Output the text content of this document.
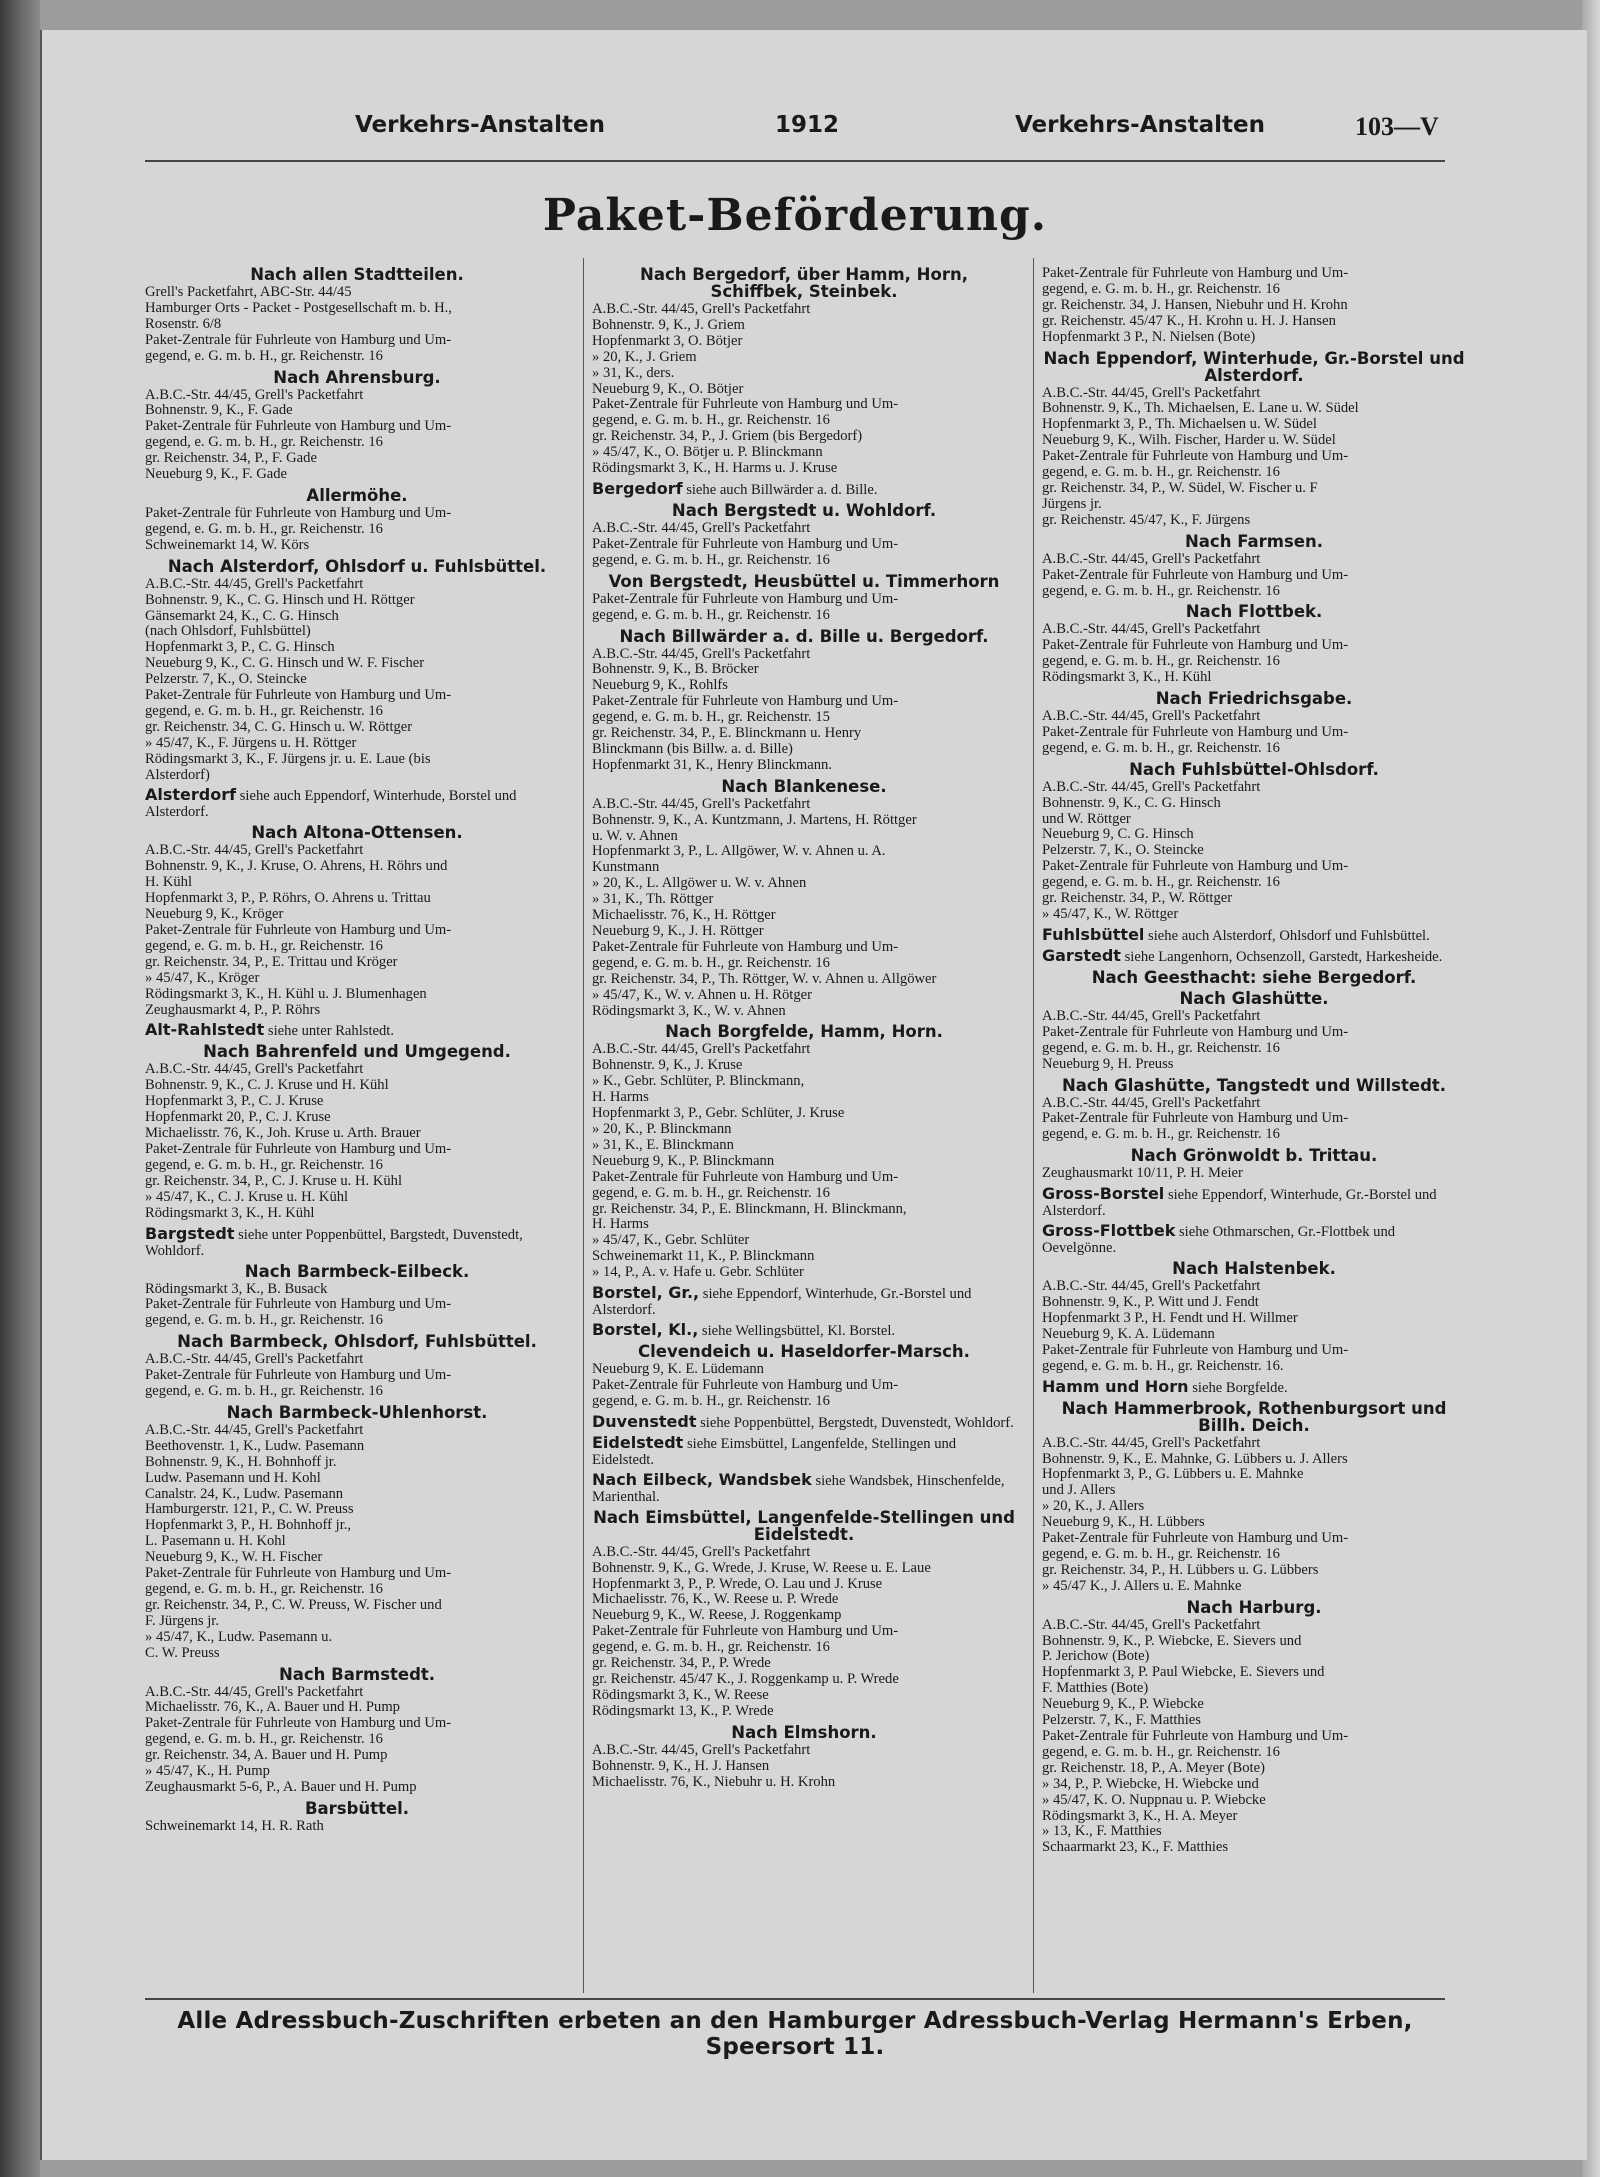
Verkehrs-Anstalten	1912	Verkehrs-Anstalten	103—V
Paket-Beförderung.
Nach allen Stadtteilen.
Grell's Packetfahrt, ABC-Str. 44/45
Hamburger Orts - Packet - Postgesellschaft m. b. H.,
Rosenstr. 6/8
Paket-Zentrale für Fuhrleute von Hamburg und Um-
gegend, e. G. m. b. H., gr. Reichenstr. 16
Nach Ahrensburg.
A.B.C.-Str. 44/45, Grell's Packetfahrt
Bohnenstr. 9, K., F. Gade
Paket-Zentrale für Fuhrleute von Hamburg und Um-
gegend, e. G. m. b. H., gr. Reichenstr. 16
gr. Reichenstr. 34, P., F. Gade
Neueburg 9, K., F. Gade
Allermöhe.
Paket-Zentrale für Fuhrleute von Hamburg und Um-
gegend, e. G. m. b. H., gr. Reichenstr. 16
Schweinemarkt 14, W. Körs
Nach Alsterdorf, Ohlsdorf u. Fuhlsbüttel.
A.B.C.-Str. 44/45, Grell's Packetfahrt
Bohnenstr. 9, K., C. G. Hinsch und H. Röttger
Gänsemarkt 24, K., C. G. Hinsch
(nach Ohlsdorf, Fuhlsbüttel)
Hopfenmarkt 3, P., C. G. Hinsch
Neueburg 9, K., C. G. Hinsch und W. F. Fischer
Pelzerstr. 7, K., O. Steincke
Paket-Zentrale für Fuhrleute von Hamburg und Um-
gegend, e. G. m. b. H., gr. Reichenstr. 16
gr. Reichenstr. 34, C. G. Hinsch u. W. Röttger
» 45/47, K., F. Jürgens u. H. Röttger
Rödingsmarkt 3, K., F. Jürgens jr. u. E. Laue (bis
Alsterdorf)
Alsterdorf siehe auch Eppendorf, Winterhude, Borstel und Alsterdorf.
Nach Altona-Ottensen.
A.B.C.-Str. 44/45, Grell's Packetfahrt
Bohnenstr. 9, K., J. Kruse, O. Ahrens, H. Röhrs und
H. Kühl
Hopfenmarkt 3, P., P. Röhrs, O. Ahrens u. Trittau
Neueburg 9, K., Kröger
Paket-Zentrale für Fuhrleute von Hamburg und Um-
gegend, e. G. m. b. H., gr. Reichenstr. 16
gr. Reichenstr. 34, P., E. Trittau und Kröger
» 45/47, K., Kröger
Rödingsmarkt 3, K., H. Kühl u. J. Blumenhagen
Zeughausmarkt 4, P., P. Röhrs
Alt-Rahlstedt siehe unter Rahlstedt.
Nach Bahrenfeld und Umgegend.
A.B.C.-Str. 44/45, Grell's Packetfahrt
Bohnenstr. 9, K., C. J. Kruse und H. Kühl
Hopfenmarkt 3, P., C. J. Kruse
Hopfenmarkt 20, P., C. J. Kruse
Michaelisstr. 76, K., Joh. Kruse u. Arth. Brauer
Paket-Zentrale für Fuhrleute von Hamburg und Um-
gegend, e. G. m. b. H., gr. Reichenstr. 16
gr. Reichenstr. 34, P., C. J. Kruse u. H. Kühl
» 45/47, K., C. J. Kruse u. H. Kühl
Rödingsmarkt 3, K., H. Kühl
Bargstedt siehe unter Poppenbüttel, Bargstedt, Duvenstedt, Wohldorf.
Nach Barmbeck-Eilbeck.
Rödingsmarkt 3, K., B. Busack
Paket-Zentrale für Fuhrleute von Hamburg und Um-
gegend, e. G. m. b. H., gr. Reichenstr. 16
Nach Barmbeck, Ohlsdorf, Fuhlsbüttel.
A.B.C.-Str. 44/45, Grell's Packetfahrt
Paket-Zentrale für Fuhrleute von Hamburg und Um-
gegend, e. G. m. b. H., gr. Reichenstr. 16
Nach Barmbeck-Uhlenhorst.
A.B.C.-Str. 44/45, Grell's Packetfahrt
Beethovenstr. 1, K., Ludw. Pasemann
Bohnenstr. 9, K., H. Bohnhoff jr.
Ludw. Pasemann und H. Kohl
Canalstr. 24, K., Ludw. Pasemann
Hamburgerstr. 121, P., C. W. Preuss
Hopfenmarkt 3, P., H. Bohnhoff jr.,
L. Pasemann u. H. Kohl
Neueburg 9, K., W. H. Fischer
Paket-Zentrale für Fuhrleute von Hamburg und Um-
gegend, e. G. m. b. H., gr. Reichenstr. 16
gr. Reichenstr. 34, P., C. W. Preuss, W. Fischer und
F. Jürgens jr.
» 45/47, K., Ludw. Pasemann u.
C. W. Preuss
Nach Barmstedt.
A.B.C.-Str. 44/45, Grell's Packetfahrt
Michaelisstr. 76, K., A. Bauer und H. Pump
Paket-Zentrale für Fuhrleute von Hamburg und Um-
gegend, e. G. m. b. H., gr. Reichenstr. 16
gr. Reichenstr. 34, A. Bauer und H. Pump
» 45/47, K., H. Pump
Zeughausmarkt 5-6, P., A. Bauer und H. Pump
Barsbüttel.
Schweinemarkt 14, H. R. Rath
Nach Bergedorf, über Hamm, Horn, Schiffbek, Steinbek.
A.B.C.-Str. 44/45, Grell's Packetfahrt
Bohnenstr. 9, K., J. Griem
Hopfenmarkt 3, O. Bötjer
» 20, K., J. Griem
» 31, K., ders.
Neueburg 9, K., O. Bötjer
Paket-Zentrale für Fuhrleute von Hamburg und Um-
gegend, e. G. m. b. H., gr. Reichenstr. 16
gr. Reichenstr. 34, P., J. Griem (bis Bergedorf)
» 45/47, K., O. Bötjer u. P. Blinckmann
Rödingsmarkt 3, K., H. Harms u. J. Kruse
Bergedorf siehe auch Billwärder a. d. Bille.
Nach Bergstedt u. Wohldorf.
A.B.C.-Str. 44/45, Grell's Packetfahrt
Paket-Zentrale für Fuhrleute von Hamburg und Um-
gegend, e. G. m. b. H., gr. Reichenstr. 16
Von Bergstedt, Heusbüttel u. Timmerhorn
Paket-Zentrale für Fuhrleute von Hamburg und Um-
gegend, e. G. m. b. H., gr. Reichenstr. 16
Nach Billwärder a. d. Bille u. Bergedorf.
A.B.C.-Str. 44/45, Grell's Packetfahrt
Bohnenstr. 9, K., B. Bröcker
Neueburg 9, K., Rohlfs
Paket-Zentrale für Fuhrleute von Hamburg und Um-
gegend, e. G. m. b. H., gr. Reichenstr. 15
gr. Reichenstr. 34, P., E. Blinckmann u. Henry
Blinckmann (bis Billw. a. d. Bille)
Hopfenmarkt 31, K., Henry Blinckmann.
Nach Blankenese.
A.B.C.-Str. 44/45, Grell's Packetfahrt
Bohnenstr. 9, K., A. Kuntzmann, J. Martens, H. Röttger
u. W. v. Ahnen
Hopfenmarkt 3, P., L. Allgöwer, W. v. Ahnen u. A.
Kunstmann
» 20, K., L. Allgöwer u. W. v. Ahnen
» 31, K., Th. Röttger
Michaelisstr. 76, K., H. Röttger
Neueburg 9, K., J. H. Röttger
Paket-Zentrale für Fuhrleute von Hamburg und Um-
gegend, e. G. m. b. H., gr. Reichenstr. 16
gr. Reichenstr. 34, P., Th. Röttger, W. v. Ahnen u. Allgöwer
» 45/47, K., W. v. Ahnen u. H. Rötger
Rödingsmarkt 3, K., W. v. Ahnen
Nach Borgfelde, Hamm, Horn.
A.B.C.-Str. 44/45, Grell's Packetfahrt
Bohnenstr. 9, K., J. Kruse
» K., Gebr. Schlüter, P. Blinckmann,
H. Harms
Hopfenmarkt 3, P., Gebr. Schlüter, J. Kruse
» 20, K., P. Blinckmann
» 31, K., E. Blinckmann
Neueburg 9, K., P. Blinckmann
Paket-Zentrale für Fuhrleute von Hamburg und Um-
gegend, e. G. m. b. H., gr. Reichenstr. 16
gr. Reichenstr. 34, P., E. Blinckmann, H. Blinckmann,
H. Harms
» 45/47, K., Gebr. Schlüter
Schweinemarkt 11, K., P. Blinckmann
» 14, P., A. v. Hafe u. Gebr. Schlüter
Borstel, Gr., siehe Eppendorf, Winterhude, Gr.-Borstel und Alsterdorf.
Borstel, Kl., siehe Wellingsbüttel, Kl. Borstel.
Clevendeich u. Haseldorfer-Marsch.
Neueburg 9, K. E. Lüdemann
Paket-Zentrale für Fuhrleute von Hamburg und Um-
gegend, e. G. m. b. H., gr. Reichenstr. 16
Duvenstedt siehe Poppenbüttel, Bergstedt, Duvenstedt, Wohldorf.
Eidelstedt siehe Eimsbüttel, Langenfelde, Stellingen und Eidelstedt.
Nach Eilbeck, Wandsbek siehe Wandsbek, Hinschenfelde, Marienthal.
Nach Eimsbüttel, Langenfelde-Stellingen und Eidelstedt.
A.B.C.-Str. 44/45, Grell's Packetfahrt
Bohnenstr. 9, K., G. Wrede, J. Kruse, W. Reese u. E. Laue
Hopfenmarkt 3, P., P. Wrede, O. Lau und J. Kruse
Michaelisstr. 76, K., W. Reese u. P. Wrede
Neueburg 9, K., W. Reese, J. Roggenkamp
Paket-Zentrale für Fuhrleute von Hamburg und Um-
gegend, e. G. m. b. H., gr. Reichenstr. 16
gr. Reichenstr. 34, P., P. Wrede
gr. Reichenstr. 45/47 K., J. Roggenkamp u. P. Wrede
Rödingsmarkt 3, K., W. Reese
Rödingsmarkt 13, K., P. Wrede
Nach Elmshorn.
A.B.C.-Str. 44/45, Grell's Packetfahrt
Bohnenstr. 9, K., H. J. Hansen
Michaelisstr. 76, K., Niebuhr u. H. Krohn
Paket-Zentrale für Fuhrleute von Hamburg und Um-
gegend, e. G. m. b. H., gr. Reichenstr. 16
gr. Reichenstr. 34, J. Hansen, Niebuhr und H. Krohn
gr. Reichenstr. 45/47 K., H. Krohn u. H. J. Hansen
Hopfenmarkt 3 P., N. Nielsen (Bote)
Nach Eppendorf, Winterhude, Gr.-Borstel und Alsterdorf.
A.B.C.-Str. 44/45, Grell's Packetfahrt
Bohnenstr. 9, K., Th. Michaelsen, E. Lane u. W. Südel
Hopfenmarkt 3, P., Th. Michaelsen u. W. Südel
Neueburg 9, K., Wilh. Fischer, Harder u. W. Südel
Paket-Zentrale für Fuhrleute von Hamburg und Um-
gegend, e. G. m. b. H., gr. Reichenstr. 16
gr. Reichenstr. 34, P., W. Südel, W. Fischer u. F
Jürgens jr.
gr. Reichenstr. 45/47, K., F. Jürgens
Nach Farmsen.
A.B.C.-Str. 44/45, Grell's Packetfahrt
Paket-Zentrale für Fuhrleute von Hamburg und Um-
gegend, e. G. m. b. H., gr. Reichenstr. 16
Nach Flottbek.
A.B.C.-Str. 44/45, Grell's Packetfahrt
Paket-Zentrale für Fuhrleute von Hamburg und Um-
gegend, e. G. m. b. H., gr. Reichenstr. 16
Rödingsmarkt 3, K., H. Kühl
Nach Friedrichsgabe.
A.B.C.-Str. 44/45, Grell's Packetfahrt
Paket-Zentrale für Fuhrleute von Hamburg und Um-
gegend, e. G. m. b. H., gr. Reichenstr. 16
Nach Fuhlsbüttel-Ohlsdorf.
A.B.C.-Str. 44/45, Grell's Packetfahrt
Bohnenstr. 9, K., C. G. Hinsch
und W. Röttger
Neueburg 9, C. G. Hinsch
Pelzerstr. 7, K., O. Steincke
Paket-Zentrale für Fuhrleute von Hamburg und Um-
gegend, e. G. m. b. H., gr. Reichenstr. 16
gr. Reichenstr. 34, P., W. Röttger
» 45/47, K., W. Röttger
Fuhlsbüttel siehe auch Alsterdorf, Ohlsdorf und Fuhlsbüttel.
Garstedt siehe Langenhorn, Ochsenzoll, Garstedt, Harkesheide.
Nach Geesthacht: siehe Bergedorf.
Nach Glashütte.
A.B.C.-Str. 44/45, Grell's Packetfahrt
Paket-Zentrale für Fuhrleute von Hamburg und Um-
gegend, e. G. m. b. H., gr. Reichenstr. 16
Neueburg 9, H. Preuss
Nach Glashütte, Tangstedt und Willstedt.
A.B.C.-Str. 44/45, Grell's Packetfahrt
Paket-Zentrale für Fuhrleute von Hamburg und Um-
gegend, e. G. m. b. H., gr. Reichenstr. 16
Nach Grönwoldt b. Trittau.
Zeughausmarkt 10/11, P. H. Meier
Gross-Borstel siehe Eppendorf, Winterhude, Gr.-Borstel und Alsterdorf.
Gross-Flottbek siehe Othmarschen, Gr.-Flottbek und Oevelgönne.
Nach Halstenbek.
A.B.C.-Str. 44/45, Grell's Packetfahrt
Bohnenstr. 9, K., P. Witt und J. Fendt
Hopfenmarkt 3 P., H. Fendt und H. Willmer
Neueburg 9, K. A. Lüdemann
Paket-Zentrale für Fuhrleute von Hamburg und Um-
gegend, e. G. m. b. H., gr. Reichenstr. 16.
Hamm und Horn siehe Borgfelde.
Nach Hammerbrook, Rothenburgsort und Billh. Deich.
A.B.C.-Str. 44/45, Grell's Packetfahrt
Bohnenstr. 9, K., E. Mahnke, G. Lübbers u. J. Allers
Hopfenmarkt 3, P., G. Lübbers u. E. Mahnke
und J. Allers
» 20, K., J. Allers
Neueburg 9, K., H. Lübbers
Paket-Zentrale für Fuhrleute von Hamburg und Um-
gegend, e. G. m. b. H., gr. Reichenstr. 16
gr. Reichenstr. 34, P., H. Lübbers u. G. Lübbers
» 45/47 K., J. Allers u. E. Mahnke
Nach Harburg.
A.B.C.-Str. 44/45, Grell's Packetfahrt
Bohnenstr. 9, K., P. Wiebcke, E. Sievers und
P. Jerichow (Bote)
Hopfenmarkt 3, P. Paul Wiebcke, E. Sievers und
F. Matthies (Bote)
Neueburg 9, K., P. Wiebcke
Pelzerstr. 7, K., F. Matthies
Paket-Zentrale für Fuhrleute von Hamburg und Um-
gegend, e. G. m. b. H., gr. Reichenstr. 16
gr. Reichenstr. 18, P., A. Meyer (Bote)
» 34, P., P. Wiebcke, H. Wiebcke und
» 45/47, K. O. Nuppnau u. P. Wiebcke
Rödingsmarkt 3, K., H. A. Meyer
» 13, K., F. Matthies
Schaarmarkt 23, K., F. Matthies
Alle Adressbuch-Zuschriften erbeten an den Hamburger Adressbuch-Verlag Hermann's Erben, Speersort 11.
